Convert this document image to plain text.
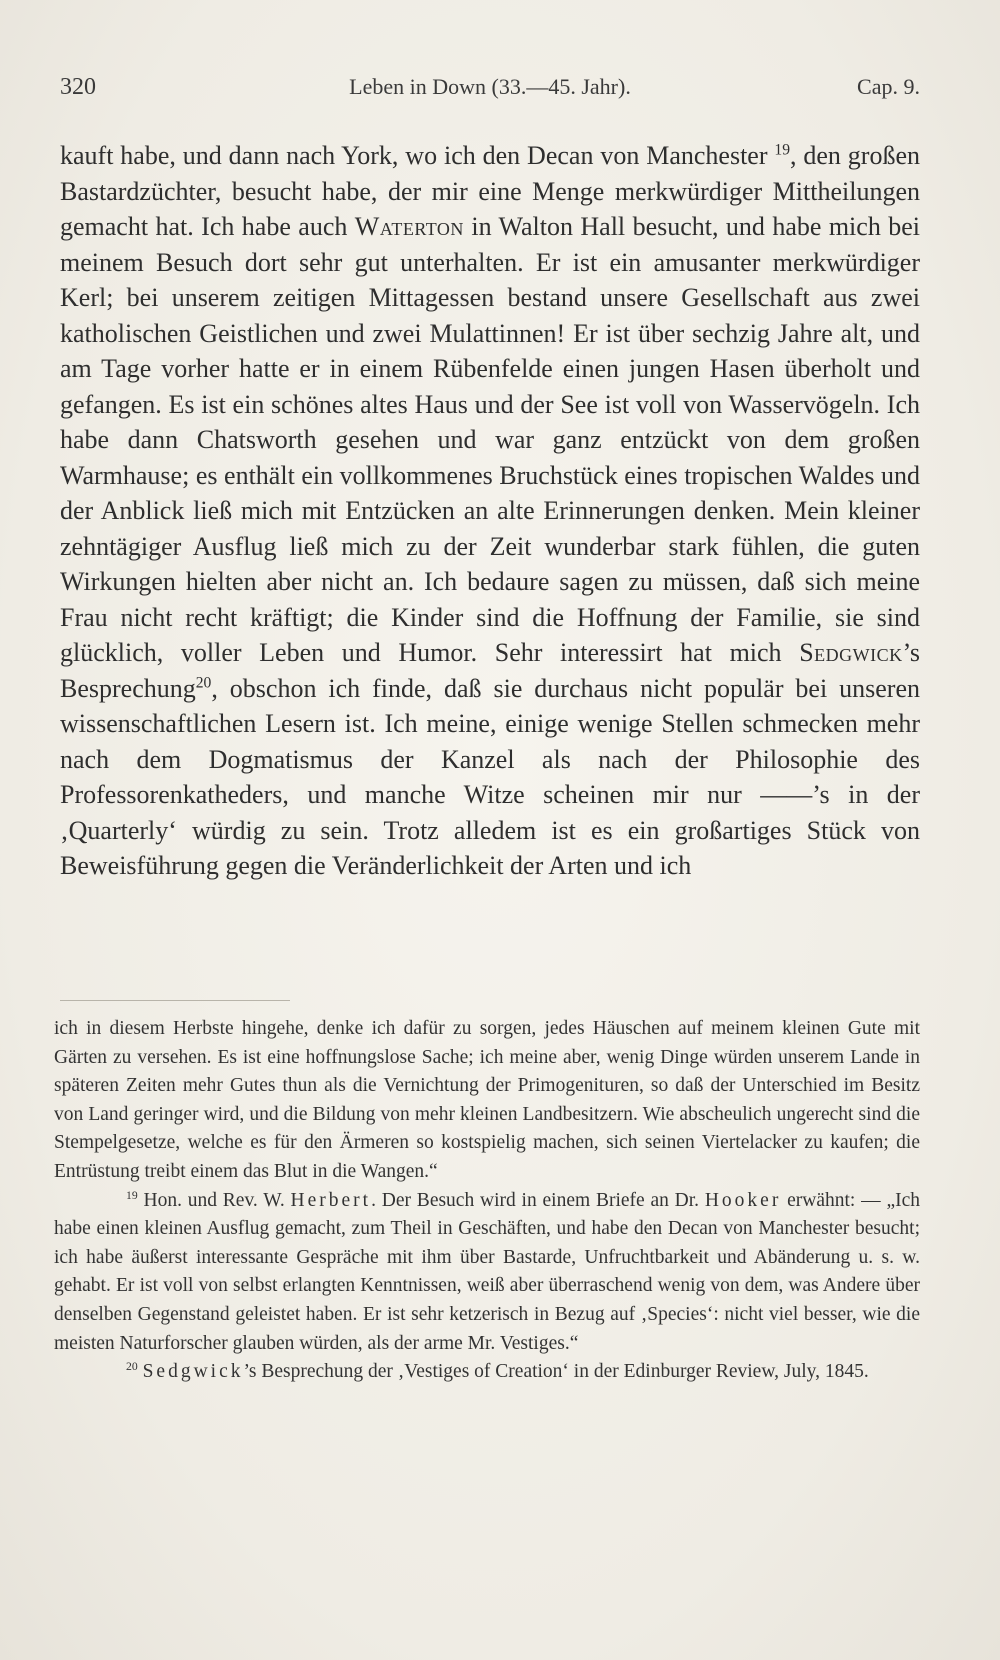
320	Leben in Down (33.—45. Jahr).	Cap. 9.

kauft habe, und dann nach York, wo ich den Decan von Manchester $^{19}$, den großen Bastardzüchter, besucht habe, der mir eine Menge merkwürdiger Mittheilungen gemacht hat. Ich habe auch Waterton in Walton Hall besucht, und habe mich bei meinem Besuch dort sehr gut unterhalten. Er ist ein amusanter merkwürdiger Kerl; bei unserem zeitigen Mittagessen bestand unsere Gesellschaft aus zwei katholischen Geistlichen und zwei Mulattinnen! Er ist über sechzig Jahre alt, und am Tage vorher hatte er in einem Rübenfelde einen jungen Hasen überholt und gefangen. Es ist ein schönes altes Haus und der See ist voll von Wasservögeln. Ich habe dann Chatsworth gesehen und war ganz entzückt von dem großen Warmhause; es enthält ein vollkommenes Bruchstück eines tropischen Waldes und der Anblick ließ mich mit Entzücken an alte Erinnerungen denken. Mein kleiner zehntägiger Ausflug ließ mich zu der Zeit wunderbar stark fühlen, die guten Wirkungen hielten aber nicht an. Ich bedaure sagen zu müssen, daß sich meine Frau nicht recht kräftigt; die Kinder sind die Hoffnung der Familie, sie sind glücklich, voller Leben und Humor. Sehr interessirt hat mich Sedgwick’s Besprechung$^{20}$, obschon ich finde, daß sie durchaus nicht populär bei unseren wissenschaftlichen Lesern ist. Ich meine, einige wenige Stellen schmecken mehr nach dem Dogmatismus der Kanzel als nach der Philosophie des Professorenkatheders, und manche Witze scheinen mir nur ——’s in der ‚Quarterly‘ würdig zu sein. Trotz alledem ist es ein großartiges Stück von Beweisführung gegen die Veränderlichkeit der Arten und ich

ich in diesem Herbste hingehe, denke ich dafür zu sorgen, jedes Häuschen auf meinem kleinen Gute mit Gärten zu versehen. Es ist eine hoffnungslose Sache; ich meine aber, wenig Dinge würden unserem Lande in späteren Zeiten mehr Gutes thun als die Vernichtung der Primogenituren, so daß der Unterschied im Besitz von Land geringer wird, und die Bildung von mehr kleinen Landbesitzern. Wie abscheulich ungerecht sind die Stempelgesetze, welche es für den Ärmeren so kostspielig machen, sich seinen Viertelacker zu kaufen; die Entrüstung treibt einem das Blut in die Wangen.“

$^{19}$ Hon. und Rev. W. Herbert. Der Besuch wird in einem Briefe an Dr. Hooker erwähnt: — „Ich habe einen kleinen Ausflug gemacht, zum Theil in Geschäften, und habe den Decan von Manchester besucht; ich habe äußerst interessante Gespräche mit ihm über Bastarde, Unfruchtbarkeit und Abänderung u. s. w. gehabt. Er ist voll von selbst erlangten Kenntnissen, weiß aber überraschend wenig von dem, was Andere über denselben Gegenstand geleistet haben. Er ist sehr ketzerisch in Bezug auf ‚Species‘: nicht viel besser, wie die meisten Naturforscher glauben würden, als der arme Mr. Vestiges.“

$^{20}$ Sedgwick’s Besprechung der ‚Vestiges of Creation‘ in der Edinburger Review, July, 1845.
